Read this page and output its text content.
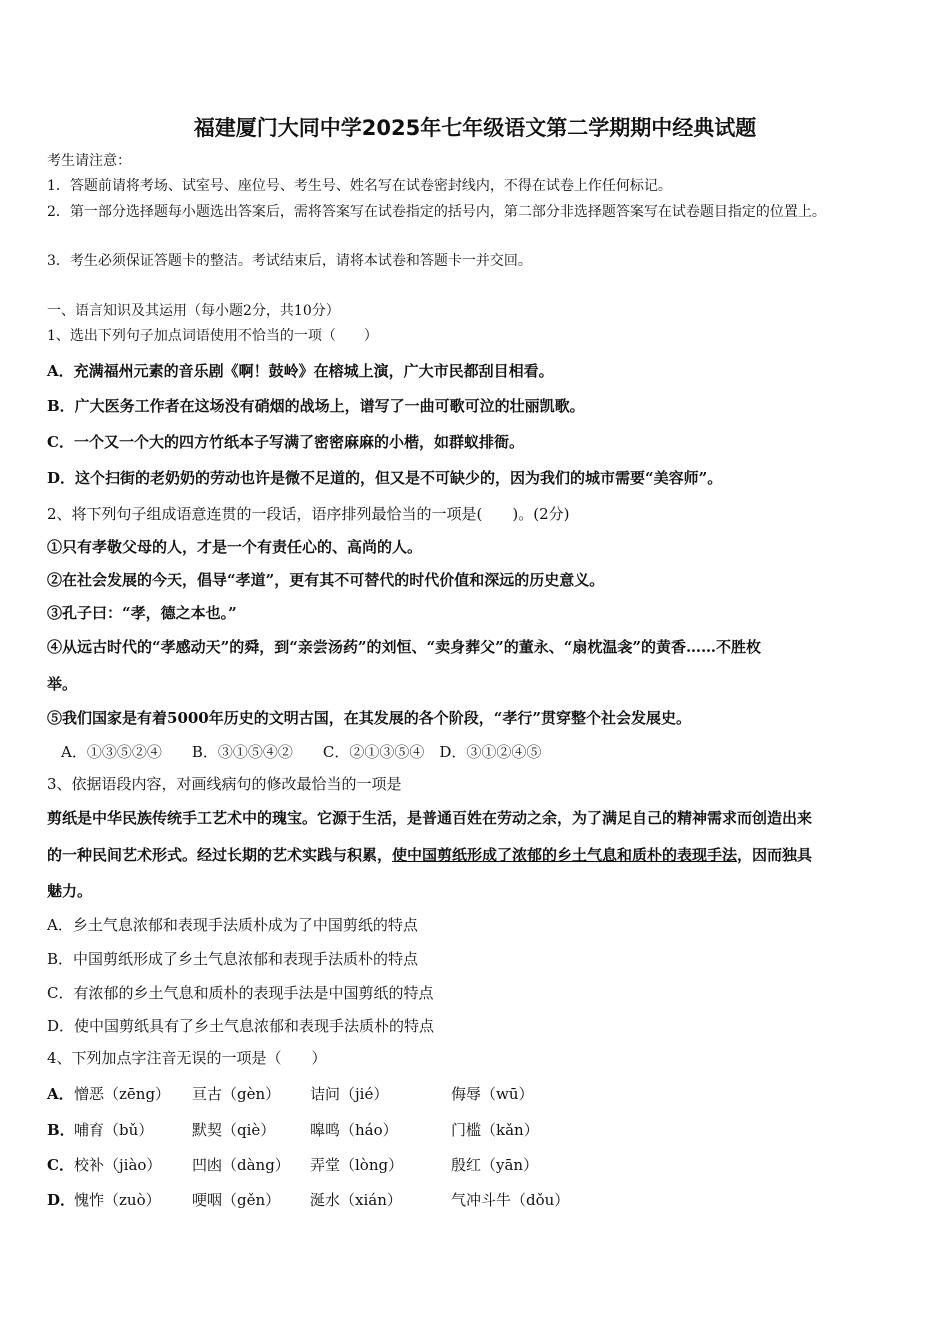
福建厦门大同中学2025年七年级语文第二学期期中经典试题
考生请注意：
1．答题前请将考场、试室号、座位号、考生号、姓名写在试卷密封线内，不得在试卷上作任何标记。
2．第一部分选择题每小题选出答案后，需将答案写在试卷指定的括号内，第二部分非选择题答案写在试卷题目指定的位置上。
3．考生必须保证答题卡的整洁。考试结束后，请将本试卷和答题卡一并交回。
一、语言知识及其运用（每小题2分，共10分）
1、选出下列句子加点词语使用不恰当的一项（　　）
A．充满福州元素的音乐剧《啊！鼓岭》在榕城上演，广大市民都刮目相看。
B．广大医务工作者在这场没有硝烟的战场上，谱写了一曲可歌可泣的壮丽凯歌。
C．一个又一个大的四方竹纸本子写满了密密麻麻的小楷，如群蚁排衙。
D．这个扫街的老奶奶的劳动也许是微不足道的，但又是不可缺少的，因为我们的城市需要“美容师”。
2、将下列句子组成语意连贯的一段话，语序排列最恰当的一项是(　　)。(2分)
①只有孝敬父母的人，才是一个有责任心的、高尚的人。
②在社会发展的今天，倡导“孝道”，更有其不可替代的时代价值和深远的历史意义。
③孔子曰：“孝，德之本也。”
④从远古时代的“孝感动天”的舜，到“亲尝汤药”的刘恒、“卖身葬父”的董永、“扇枕温衾”的黄香……不胜枚
举。
⑤我们国家是有着5000年历史的文明古国，在其发展的各个阶段，“孝行”贯穿整个社会发展史。
A．①③⑤②④　　B．③①⑤④②　　C．②①③⑤④　D．③①②④⑤
3、依据语段内容，对画线病句的修改最恰当的一项是
剪纸是中华民族传统手工艺术中的瑰宝。它源于生活，是普通百姓在劳动之余，为了满足自己的精神需求而创造出来
的一种民间艺术形式。经过长期的艺术实践与积累，使中国剪纸形成了浓郁的乡土气息和质朴的表现手法，因而独具
魅力。
A．乡土气息浓郁和表现手法质朴成为了中国剪纸的特点
B．中国剪纸形成了乡土气息浓郁和表现手法质朴的特点
C．有浓郁的乡土气息和质朴的表现手法是中国剪纸的特点
D．使中国剪纸具有了乡土气息浓郁和表现手法质朴的特点
4、下列加点字注音无误的一项是（　　）
A． 憎恶（zēng） 亘古（gèn） 诘问（jié）	侮辱（wū）
B． 哺育（bǔ）	默契（qiè） 嗥鸣（háo）	门槛（kǎn）
C． 校补（jiào） 凹凼（dàng） 弄堂（lòng）	殷红（yān）
D．
愧怍（zuò） 哽咽（gěn） 涎水（xián）	气冲斗牛（dǒu）
